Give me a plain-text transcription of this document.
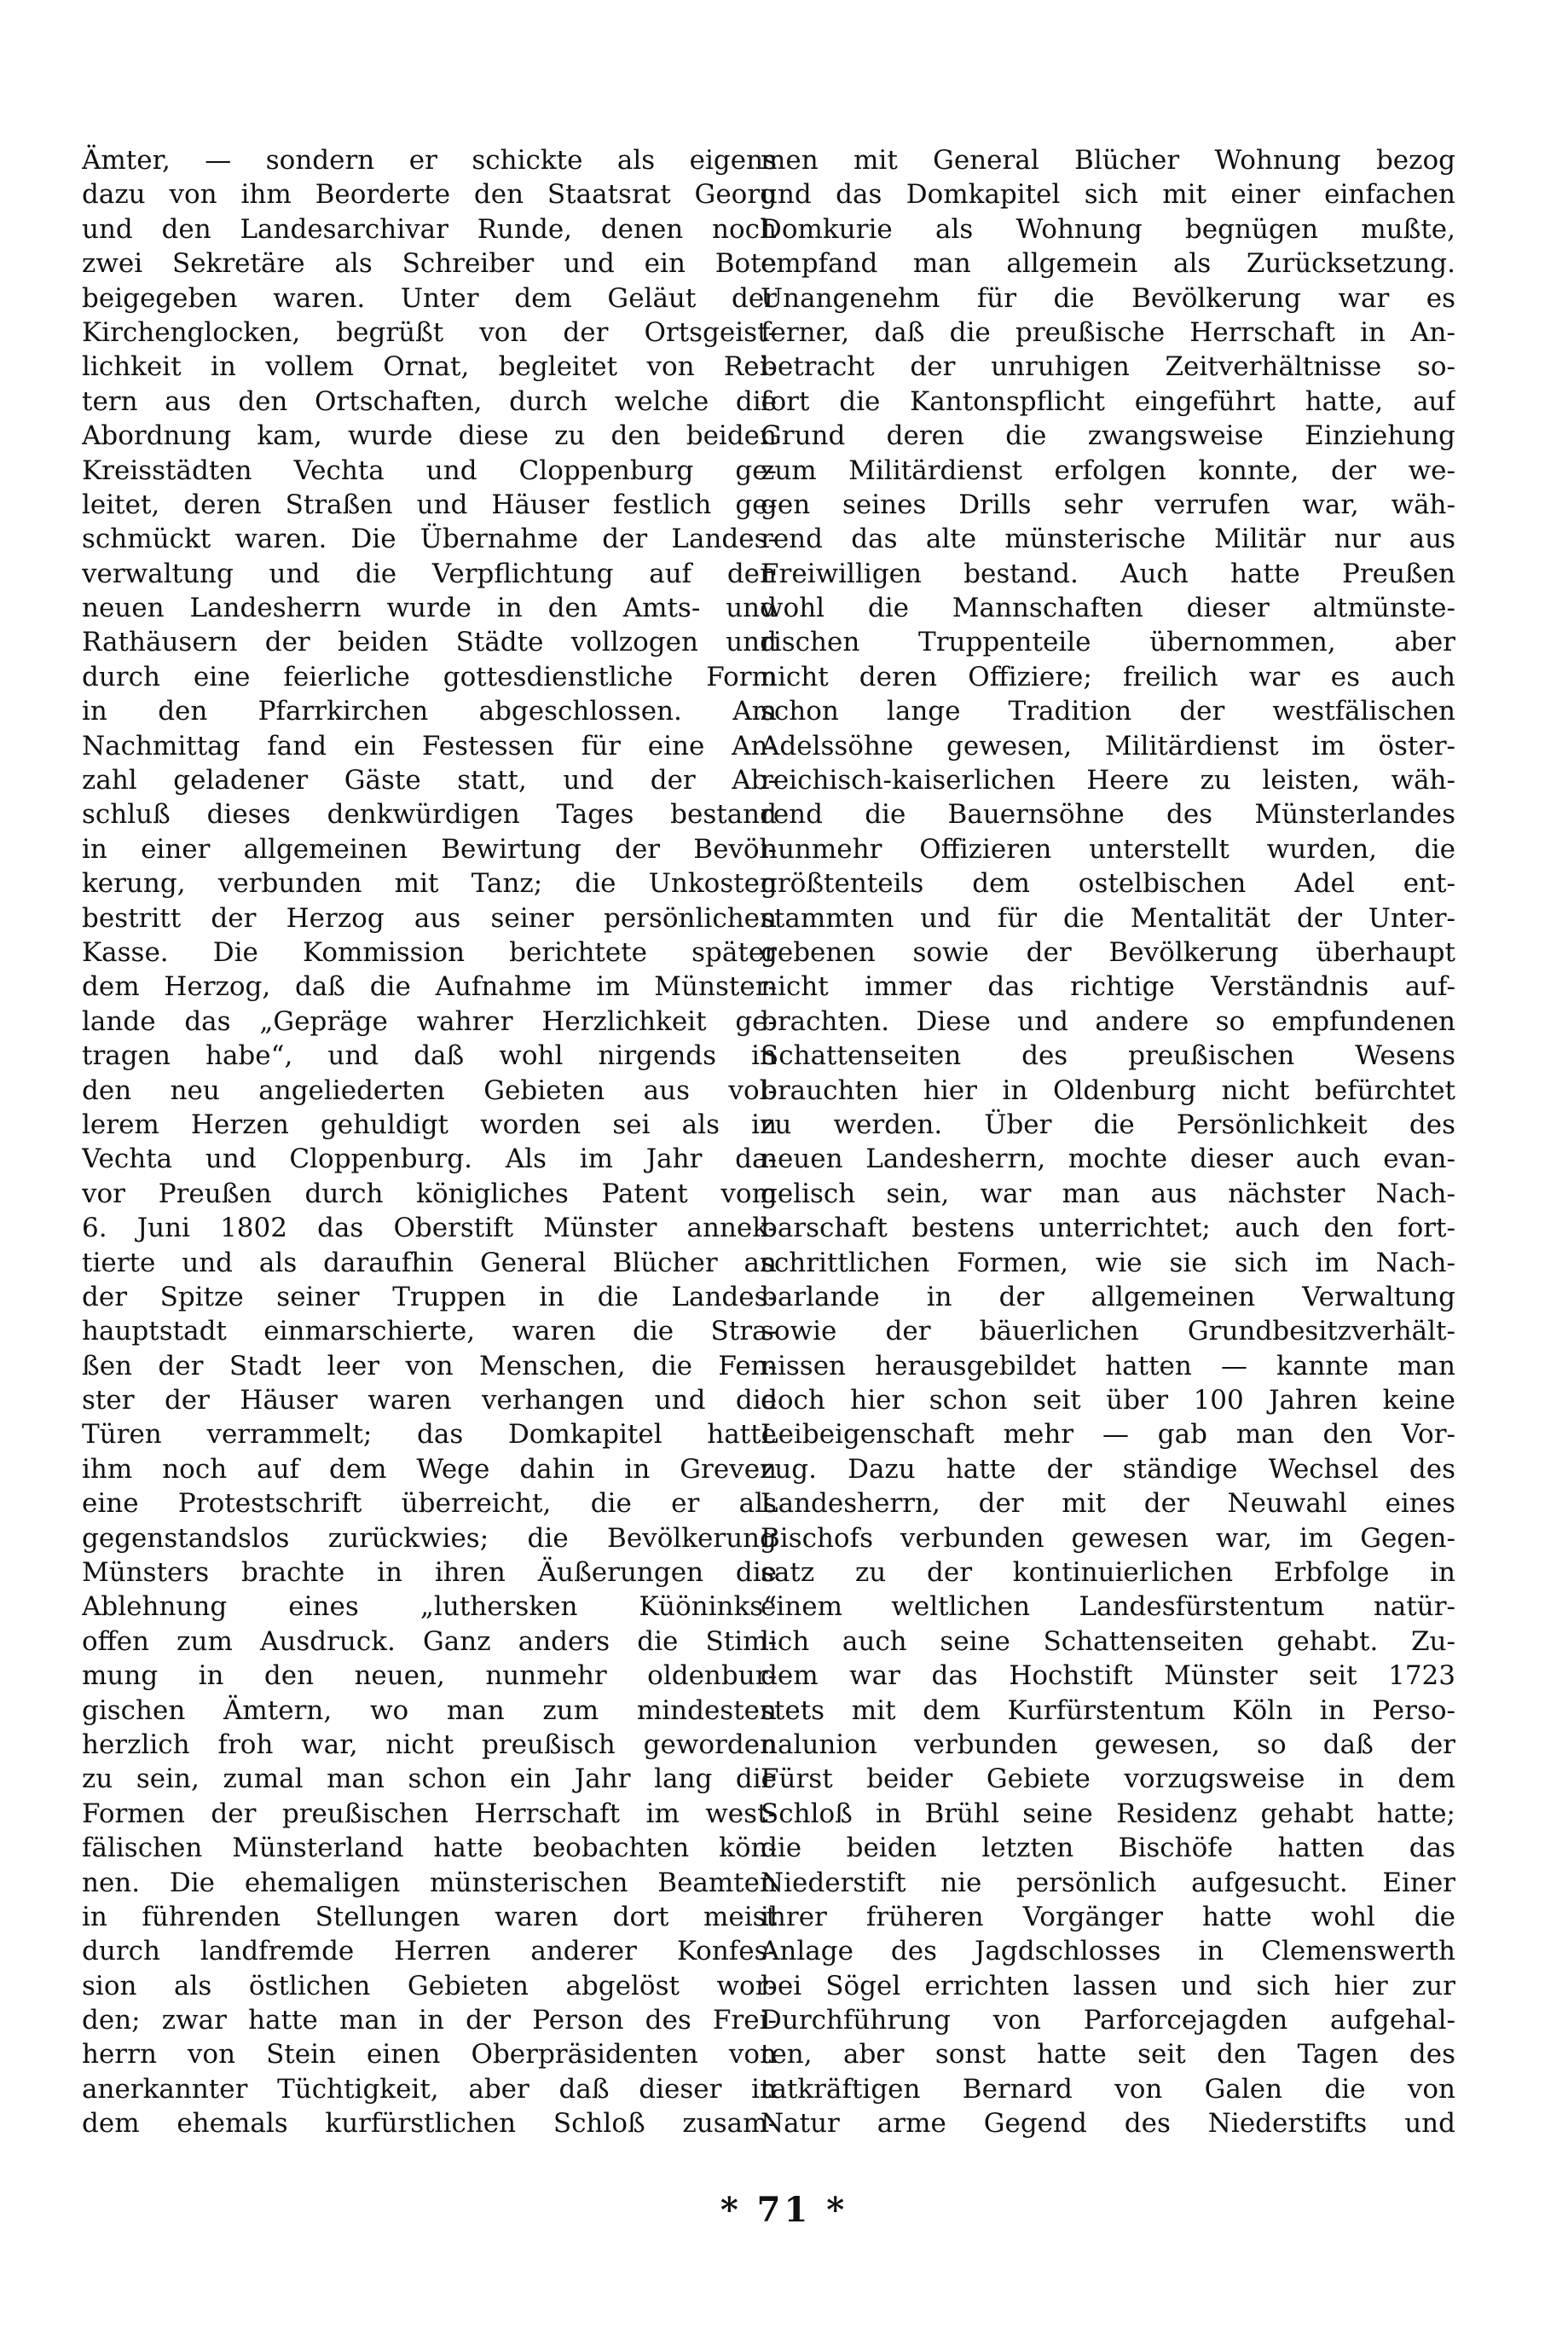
Ämter, — sondern er schickte als eigens
dazu von ihm Beorderte den Staatsrat Georg
und den Landesarchivar Runde, denen noch
zwei Sekretäre als Schreiber und ein Bote
beigegeben waren. Unter dem Geläut der
Kirchenglocken, begrüßt von der Ortsgeist-
lichkeit in vollem Ornat, begleitet von Rei-
tern aus den Ortschaften, durch welche die
Abordnung kam, wurde diese zu den beiden
Kreisstädten Vechta und Cloppenburg ge-
leitet, deren Straßen und Häuser festlich ge-
schmückt waren. Die Übernahme der Landes-
verwaltung und die Verpflichtung auf den
neuen Landesherrn wurde in den Amts- und
Rathäusern der beiden Städte vollzogen und
durch eine feierliche gottesdienstliche Form
in den Pfarrkirchen abgeschlossen. Am
Nachmittag fand ein Festessen für eine An-
zahl geladener Gäste statt, und der Ab-
schluß dieses denkwürdigen Tages bestand
in einer allgemeinen Bewirtung der Bevöl-
kerung, verbunden mit Tanz; die Unkosten
bestritt der Herzog aus seiner persönlichen
Kasse. Die Kommission berichtete später
dem Herzog, daß die Aufnahme im Münster-
lande das „Gepräge wahrer Herzlichkeit ge-
tragen habe“, und daß wohl nirgends in
den neu angeliederten Gebieten aus vol-
lerem Herzen gehuldigt worden sei als in
Vechta und Cloppenburg. Als im Jahr da-
vor Preußen durch königliches Patent vom
6. Juni 1802 das Oberstift Münster annek-
tierte und als daraufhin General Blücher an
der Spitze seiner Truppen in die Landes-
hauptstadt einmarschierte, waren die Stra-
ßen der Stadt leer von Menschen, die Fen-
ster der Häuser waren verhangen und die
Türen verrammelt; das Domkapitel hatte
ihm noch auf dem Wege dahin in Greven
eine Protestschrift überreicht, die er als
gegenstandslos zurückwies; die Bevölkerung
Münsters brachte in ihren Äußerungen die
Ablehnung eines „luthersken Küöninks“
offen zum Ausdruck. Ganz anders die Stim-
mung in den neuen, nunmehr oldenbur-
gischen Ämtern, wo man zum mindesten
herzlich froh war, nicht preußisch geworden
zu sein, zumal man schon ein Jahr lang die
Formen der preußischen Herrschaft im west-
fälischen Münsterland hatte beobachten kön-
nen. Die ehemaligen münsterischen Beamten
in führenden Stellungen waren dort meist
durch landfremde Herren anderer Konfes-
sion als östlichen Gebieten abgelöst wor-
den; zwar hatte man in der Person des Frei-
herrn von Stein einen Oberpräsidenten von
anerkannter Tüchtigkeit, aber daß dieser in
dem ehemals kurfürstlichen Schloß zusam-
men mit General Blücher Wohnung bezog
und das Domkapitel sich mit einer einfachen
Domkurie als Wohnung begnügen mußte,
empfand man allgemein als Zurücksetzung.
Unangenehm für die Bevölkerung war es
ferner, daß die preußische Herrschaft in An-
betracht der unruhigen Zeitverhältnisse so-
fort die Kantonspflicht eingeführt hatte, auf
Grund deren die zwangsweise Einziehung
zum Militärdienst erfolgen konnte, der we-
gen seines Drills sehr verrufen war, wäh-
rend das alte münsterische Militär nur aus
Freiwilligen bestand. Auch hatte Preußen
wohl die Mannschaften dieser altmünste-
rischen Truppenteile übernommen, aber
nicht deren Offiziere; freilich war es auch
schon lange Tradition der westfälischen
Adelssöhne gewesen, Militärdienst im öster-
reichisch-kaiserlichen Heere zu leisten, wäh-
rend die Bauernsöhne des Münsterlandes
nunmehr Offizieren unterstellt wurden, die
größtenteils dem ostelbischen Adel ent-
stammten und für die Mentalität der Unter-
gebenen sowie der Bevölkerung überhaupt
nicht immer das richtige Verständnis auf-
brachten. Diese und andere so empfundenen
Schattenseiten des preußischen Wesens
brauchten hier in Oldenburg nicht befürchtet
zu werden. Über die Persönlichkeit des
neuen Landesherrn, mochte dieser auch evan-
gelisch sein, war man aus nächster Nach-
barschaft bestens unterrichtet; auch den fort-
schrittlichen Formen, wie sie sich im Nach-
barlande in der allgemeinen Verwaltung
sowie der bäuerlichen Grundbesitzverhält-
nissen herausgebildet hatten — kannte man
doch hier schon seit über 100 Jahren keine
Leibeigenschaft mehr — gab man den Vor-
zug. Dazu hatte der ständige Wechsel des
Landesherrn, der mit der Neuwahl eines
Bischofs verbunden gewesen war, im Gegen-
satz zu der kontinuierlichen Erbfolge in
einem weltlichen Landesfürstentum natür-
lich auch seine Schattenseiten gehabt. Zu-
dem war das Hochstift Münster seit 1723
stets mit dem Kurfürstentum Köln in Perso-
nalunion verbunden gewesen, so daß der
Fürst beider Gebiete vorzugsweise in dem
Schloß in Brühl seine Residenz gehabt hatte;
die beiden letzten Bischöfe hatten das
Niederstift nie persönlich aufgesucht. Einer
ihrer früheren Vorgänger hatte wohl die
Anlage des Jagdschlosses in Clemenswerth
bei Sögel errichten lassen und sich hier zur
Durchführung von Parforcejagden aufgehal-
ten, aber sonst hatte seit den Tagen des
tatkräftigen Bernard von Galen die von
Natur arme Gegend des Niederstifts und
* 71 *
